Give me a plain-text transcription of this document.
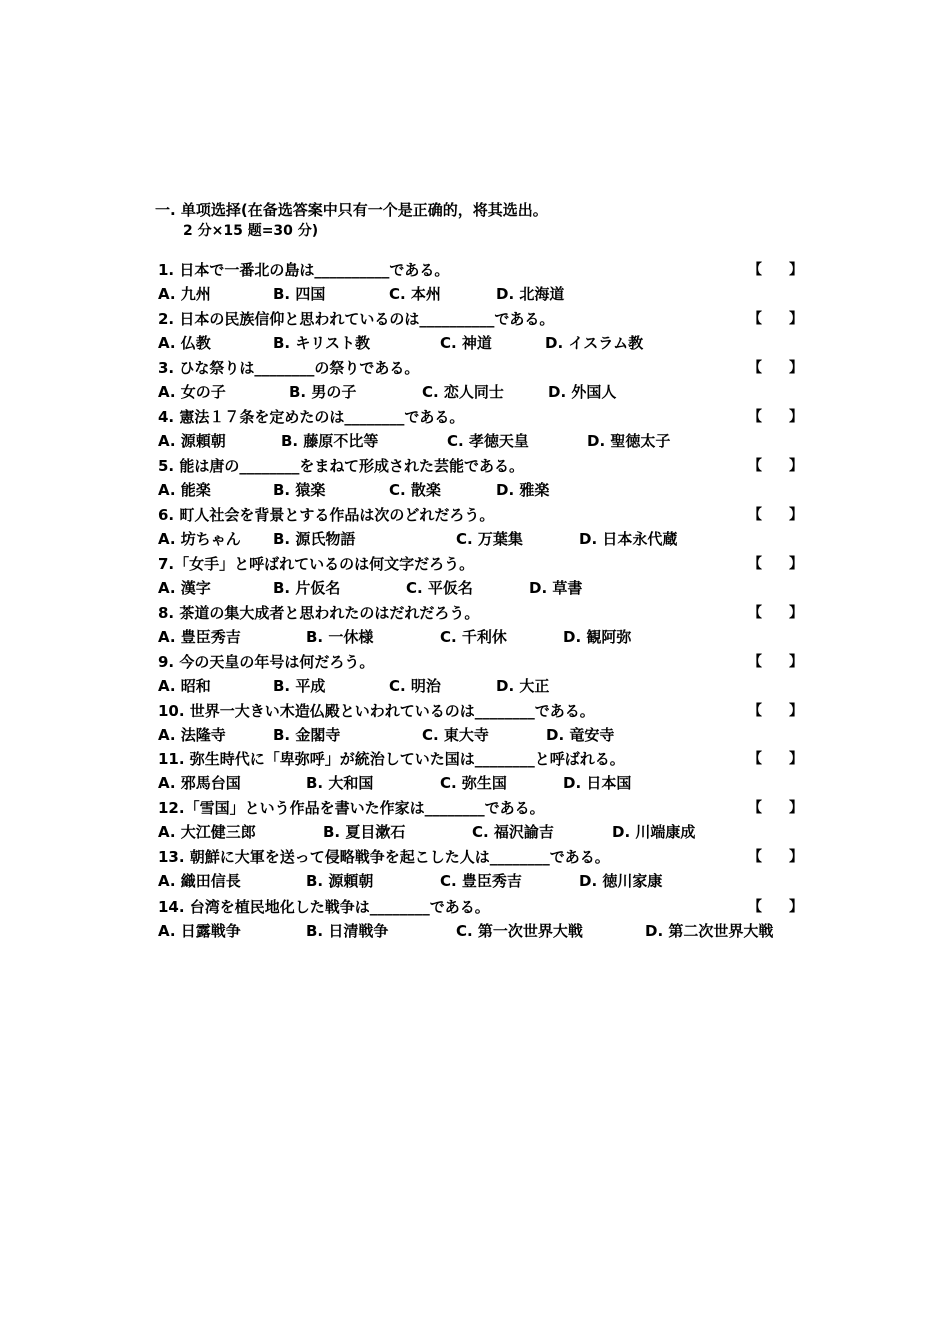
一. 单项选择(在备选答案中只有一个是正确的，将其选出。
2 分×15 题=30 分)
1. 日本で一番北の島は__________である。	【 】
A. 九州	B. 四国	C. 本州	D. 北海道
2. 日本の民族信仰と思われているのは__________である。	【 】
A. 仏教	B. キリスト教	C. 神道	D. イスラム教
3. ひな祭りは________の祭りである。	【 】
A. 女の子	B. 男の子	C. 恋人同士	D. 外国人
4. 憲法１７条を定めたのは________である。	【 】
A. 源頼朝	B. 藤原不比等	C. 孝徳天皇	D. 聖徳太子
5. 能は唐の________をまねて形成された芸能である。	【 】
A. 能楽	B. 猿楽	C. 散楽	D. 雅楽
6. 町人社会を背景とする作品は次のどれだろう。	【 】
A. 坊ちゃん B. 源氏物語	C. 万葉集	D. 日本永代蔵
7.「女手」と呼ばれているのは何文字だろう。	【 】
A. 漢字	B. 片仮名	C. 平仮名	D. 草書
8. 茶道の集大成者と思われたのはだれだろう。	【 】
A. 豊臣秀吉	B. 一休様	C. 千利休	D. 観阿弥
9. 今の天皇の年号は何だろう。	【 】
A. 昭和	B. 平成	C. 明治	D. 大正
10. 世界一大きい木造仏殿といわれているのは________である。	【 】
A. 法隆寺	B. 金閣寺	C. 東大寺	D. 竜安寺
11. 弥生時代に「卑弥呼」が統治していた国は________と呼ばれる。	【 】
A. 邪馬台国	B. 大和国	C. 弥生国	D. 日本国
12.「雪国」という作品を書いた作家は________である。	【 】
A. 大江健三郎	B. 夏目漱石	C. 福沢諭吉	D. 川端康成
13. 朝鮮に大軍を送って侵略戦争を起こした人は________である。	【 】
A. 織田信長	B. 源頼朝	C. 豊臣秀吉	D. 徳川家康
14. 台湾を植民地化した戦争は________である。	【 】
A. 日露戦争	B. 日清戦争	C. 第一次世界大戦	D. 第二次世界大戦
